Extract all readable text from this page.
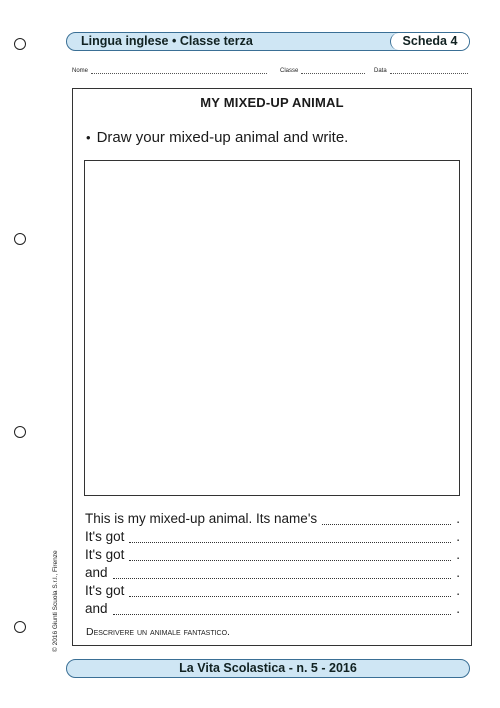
Lingua inglese • Classe terza	Scheda 4
Nome	Classe	Data
MY MIXED-UP ANIMAL
• Draw your mixed-up animal and write.
This is my mixed-up animal. Its name's	.
It's got	.
It's got	.
and	.
It's got	.
and	.
Descrivere un animale fantastico.
© 2016 Giunti Scuola S.r.l., Firenze
La Vita Scolastica - n. 5 - 2016
